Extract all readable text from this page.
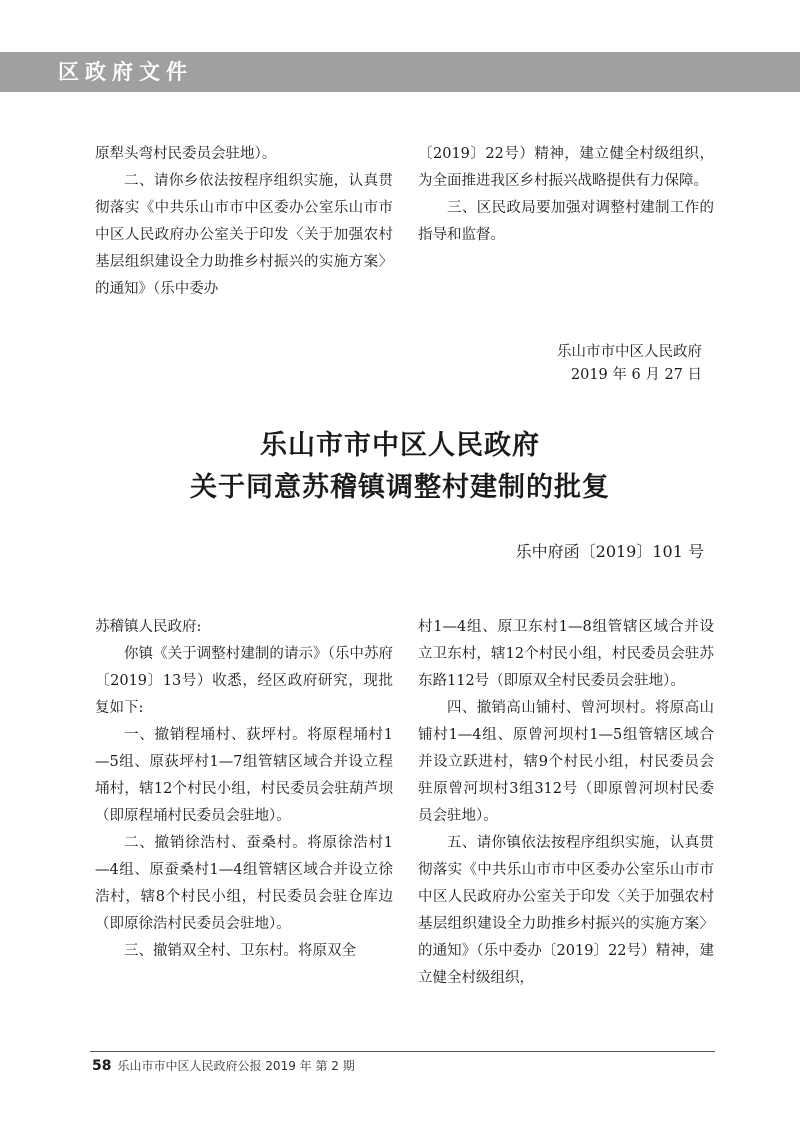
区政府文件

原犁头弯村民委员会驻地）。

二、请你乡依法按程序组织实施，认真贯彻落实《中共乐山市市中区委办公室乐山市市中区人民政府办公室关于印发〈关于加强农村基层组织建设全力助推乡村振兴的实施方案〉的通知》（乐中委办

〔2019〕22号）精神，建立健全村级组织，为全面推进我区乡村振兴战略提供有力保障。

三、区民政局要加强对调整村建制工作的指导和监督。

乐山市市中区人民政府
2019 年 6 月 27 日
乐山市市中区人民政府
关于同意苏稽镇调整村建制的批复
乐中府函〔2019〕101 号

苏稽镇人民政府:

你镇《关于调整村建制的请示》（乐中苏府〔2019〕13号）收悉，经区政府研究，现批复如下:

一、撤销程埇村、荻坪村。将原程埇村1—5组、原荻坪村1—7组管辖区域合并设立程埇村，辖12个村民小组，村民委员会驻葫芦坝（即原程埇村民委员会驻地）。

二、撤销徐浩村、蚕桑村。将原徐浩村1—4组、原蚕桑村1—4组管辖区域合并设立徐浩村，辖8个村民小组，村民委员会驻仓库边（即原徐浩村民委员会驻地）。

三、撤销双全村、卫东村。将原双全

村1—4组、原卫东村1—8组管辖区域合并设立卫东村，辖12个村民小组，村民委员会驻苏东路112号（即原双全村民委员会驻地）。

四、撤销高山铺村、曾河坝村。将原高山铺村1—4组、原曾河坝村1—5组管辖区域合并设立跃进村，辖9个村民小组，村民委员会驻原曾河坝村3组312号（即原曾河坝村民委员会驻地）。

五、请你镇依法按程序组织实施，认真贯彻落实《中共乐山市市中区委办公室乐山市市中区人民政府办公室关于印发〈关于加强农村基层组织建设全力助推乡村振兴的实施方案〉的通知》（乐中委办〔2019〕22号）精神，建立健全村级组织，

58 乐山市市中区人民政府公报 2019 年 第 2 期
